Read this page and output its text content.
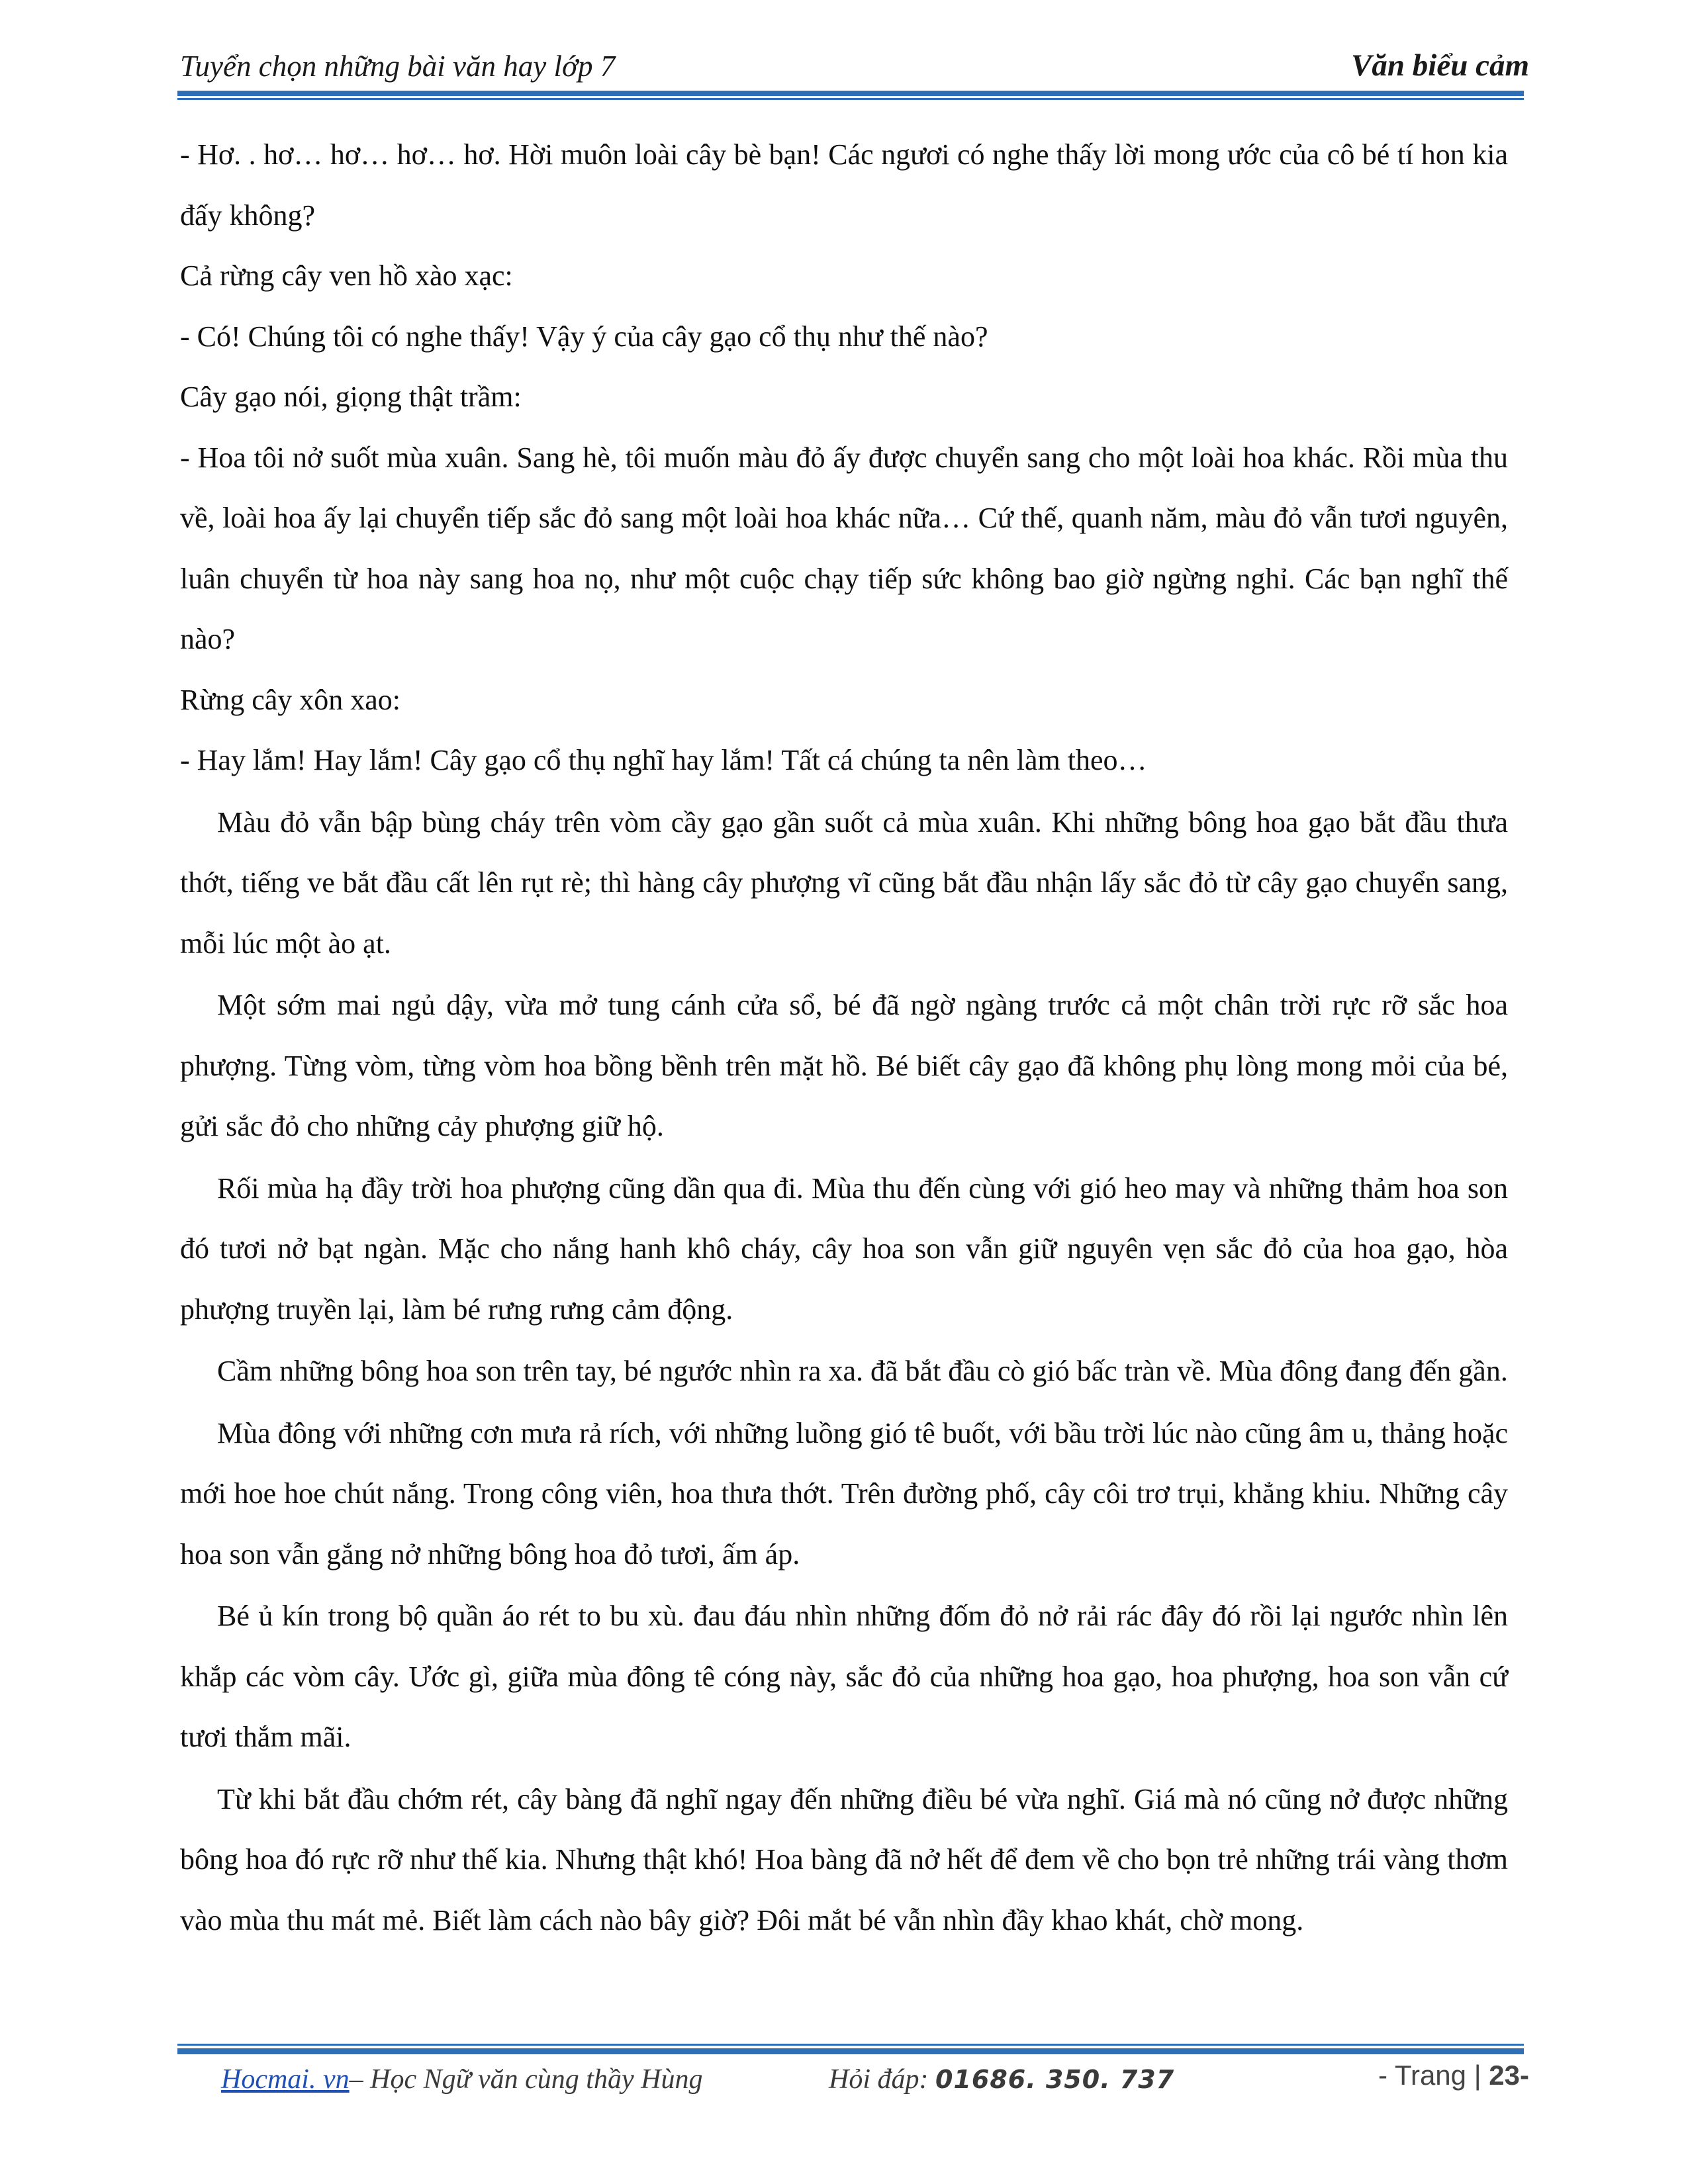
Tuyển chọn những bài văn hay lớp 7	Văn biểu cảm

- Hơ. . hơ… hơ… hơ… hơ. Hời muôn loài cây bè bạn! Các ngươi có nghe thấy lời mong ước của cô bé tí hon kia đấy không?

Cả rừng cây ven hồ xào xạc:

- Có! Chúng tôi có nghe thấy! Vậy ý của cây gạo cổ thụ như thế nào?

Cây gạo nói, giọng thật trầm:

- Hoa tôi nở suốt mùa xuân. Sang hè, tôi muốn màu đỏ ấy được chuyển sang cho một loài hoa khác. Rồi mùa thu về, loài hoa ấy lại chuyển tiếp sắc đỏ sang một loài hoa khác nữa… Cứ thế, quanh năm, màu đỏ vẫn tươi nguyên, luân chuyển từ hoa này sang hoa nọ, như một cuộc chạy tiếp sức không bao giờ ngừng nghỉ. Các bạn nghĩ thế nào?

Rừng cây xôn xao:

- Hay lắm! Hay lắm! Cây gạo cổ thụ nghĩ hay lắm! Tất cá chúng ta nên làm theo…

Màu đỏ vẫn bập bùng cháy trên vòm cầy gạo gần suốt cả mùa xuân. Khi những bông hoa gạo bắt đầu thưa thớt, tiếng ve bắt đầu cất lên rụt rè; thì hàng cây phượng vĩ cũng bắt đầu nhận lấy sắc đỏ từ cây gạo chuyển sang, mỗi lúc một ào ạt.

Một sớm mai ngủ dậy, vừa mở tung cánh cửa sổ, bé đã ngờ ngàng trước cả một chân trời rực rỡ sắc hoa phượng. Từng vòm, từng vòm hoa bồng bềnh trên mặt hồ. Bé biết cây gạo đã không phụ lòng mong mỏi của bé, gửi sắc đỏ cho những cảy phượng giữ hộ.

Rối mùa hạ đầy trời hoa phượng cũng dần qua đi. Mùa thu đến cùng với gió heo may và những thảm hoa son đó tươi nở bạt ngàn. Mặc cho nắng hanh khô cháy, cây hoa son vẫn giữ nguyên vẹn sắc đỏ của hoa gạo, hòa phượng truyền lại, làm bé rưng rưng cảm động.

Cầm những bông hoa son trên tay, bé ngước nhìn ra xa. đã bắt đầu cò gió bấc tràn về. Mùa đông đang đến gần.

Mùa đông với những cơn mưa rả rích, với những luồng gió tê buốt, với bầu trời lúc nào cũng âm u, thảng hoặc mới hoe hoe chút nắng. Trong công viên, hoa thưa thớt. Trên đường phố, cây côi trơ trụi, khẳng khiu. Những cây hoa son vẫn gắng nở những bông hoa đỏ tươi, ấm áp.

Bé ủ kín trong bộ quần áo rét to bu xù. đau đáu nhìn những đốm đỏ nở rải rác đây đó rồi lại ngước nhìn lên khắp các vòm cây. Ước gì, giữa mùa đông tê cóng này, sắc đỏ của những hoa gạo, hoa phượng, hoa son vẫn cứ tươi thắm mãi.

Từ khi bắt đầu chớm rét, cây bàng đã nghĩ ngay đến những điều bé vừa nghĩ. Giá mà nó cũng nở được những bông hoa đó rực rỡ như thế kia. Nhưng thật khó! Hoa bàng đã nở hết để đem về cho bọn trẻ những trái vàng thơm vào mùa thu mát mẻ. Biết làm cách nào bây giờ? Đôi mắt bé vẫn nhìn đầy khao khát, chờ mong.

Hocmai. vn– Học Ngữ văn cùng thầy Hùng	Hỏi đáp: 01686. 350. 737	- Trang | 23-
